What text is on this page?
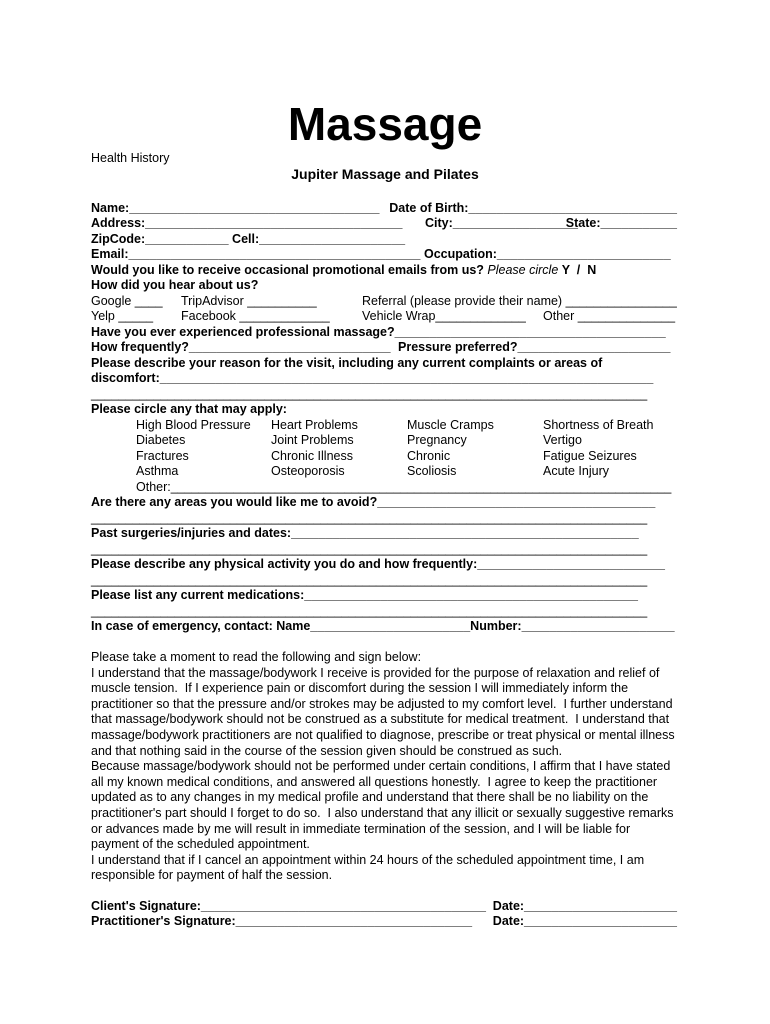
Massage
Health History
Jupiter Massage and Pilates
Name:____________________________________ Date of Birth:______________________________
Address:_____________________________________ City:__________________
State:___________
ZipCode:____________ Cell:_____________________
Email:__________________________________________ Occupation:_________________________
Would you like to receive occasional promotional emails from us? Please circle Y  /  N
How did you hear about us?
Google ____ TripAdvisor __________	Referral (please provide their name) ________________
Yelp _____ Facebook _____________	Vehicle Wrap_____________ Other ______________
Have you ever experienced professional massage?_______________________________________
How frequently?_____________________________ Pressure preferred?______________________
Please describe your reason for the visit, including any current complaints or areas of
discomfort:_______________________________________________________________________
________________________________________________________________________________
Please circle any that may apply:
High Blood Pressure
Diabetes
Fractures
Asthma
Heart Problems
Joint Problems
Chronic Illness
Osteoporosis
Muscle Cramps
Pregnancy
Chronic
Scoliosis
Shortness of Breath
Vertigo
Fatigue Seizures
Acute Injury
Other:________________________________________________________________________
Are there any areas you would like me to avoid?________________________________________
________________________________________________________________________________
Past surgeries/injuries and dates:__________________________________________________
________________________________________________________________________________
Please describe any physical activity you do and how frequently:___________________________
________________________________________________________________________________
Please list any current medications:________________________________________________
________________________________________________________________________________
In case of emergency, contact: Name_______________________Number:______________________
Please take a moment to read the following and sign below:
I understand that the massage/bodywork I receive is provided for the purpose of relaxation and relief of
muscle tension.  If I experience pain or discomfort during the session I will immediately inform the
practitioner so that the pressure and/or strokes may be adjusted to my comfort level.  I further understand
that massage/bodywork should not be construed as a substitute for medical treatment.  I understand that
massage/bodywork practitioners are not qualified to diagnose, prescribe or treat physical or mental illness
and that nothing said in the course of the session given should be construed as such.
Because massage/bodywork should not be performed under certain conditions, I affirm that I have stated
all my known medical conditions, and answered all questions honestly.  I agree to keep the practitioner
updated as to any changes in my medical profile and understand that there shall be no liability on the
practitioner's part should I forget to do so.  I also understand that any illicit or sexually suggestive remarks
or advances made by me will result in immediate termination of the session, and I will be liable for
payment of the scheduled appointment.
I understand that if I cancel an appointment within 24 hours of the scheduled appointment time, I am
responsible for payment of half the session.
Client's Signature:_________________________________________ Date:______________________
Practitioner's Signature:__________________________________ Date:______________________
